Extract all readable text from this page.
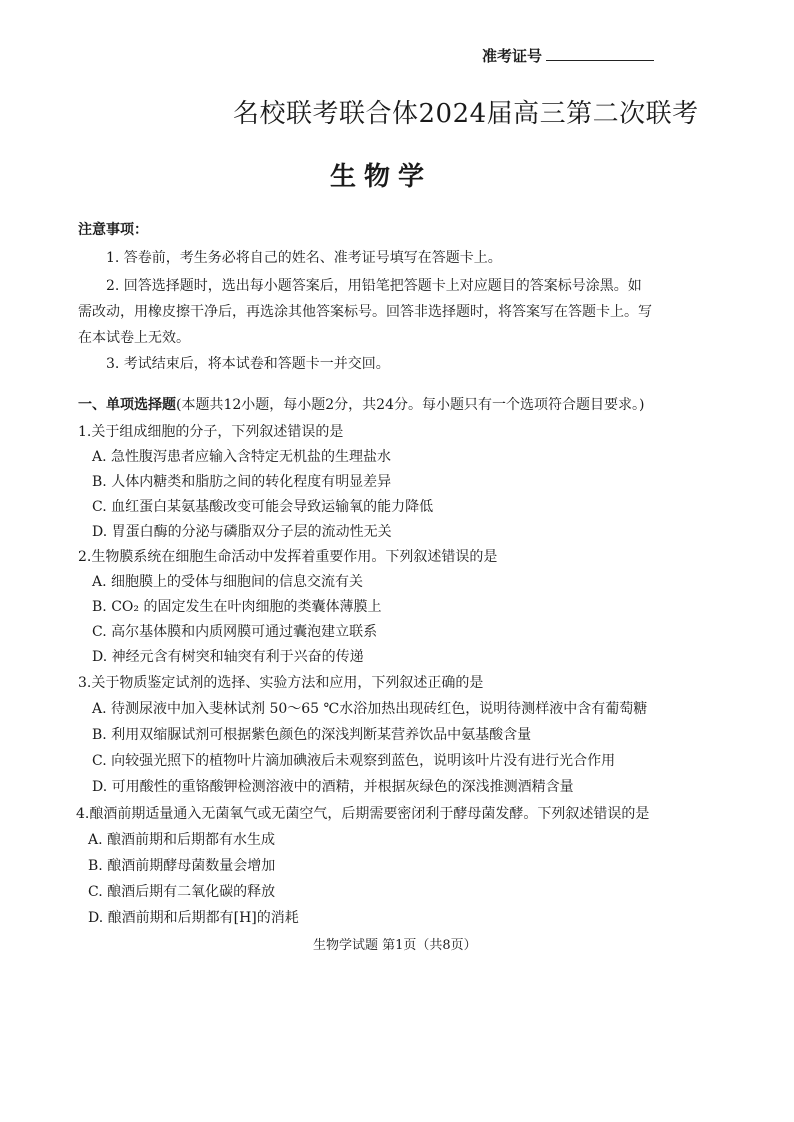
准考证号
名校联考联合体2024届高三第二次联考
生物学
注意事项：
1. 答卷前，考生务必将自己的姓名、准考证号填写在答题卡上。
2. 回答选择题时，选出每小题答案后，用铅笔把答题卡上对应题目的答案标号涂黑。如
需改动，用橡皮擦干净后，再选涂其他答案标号。回答非选择题时，将答案写在答题卡上。写
在本试卷上无效。
3. 考试结束后，将本试卷和答题卡一并交回。
一、单项选择题(本题共12小题，每小题2分，共24分。每小题只有一个选项符合题目要求。)
1.关于组成细胞的分子，下列叙述错误的是
A. 急性腹泻患者应输入含特定无机盐的生理盐水
B. 人体内糖类和脂肪之间的转化程度有明显差异
C. 血红蛋白某氨基酸改变可能会导致运输氧的能力降低
D. 胃蛋白酶的分泌与磷脂双分子层的流动性无关
2.生物膜系统在细胞生命活动中发挥着重要作用。下列叙述错误的是
A. 细胞膜上的受体与细胞间的信息交流有关
B. CO₂ 的固定发生在叶肉细胞的类囊体薄膜上
C. 高尔基体膜和内质网膜可通过囊泡建立联系
D. 神经元含有树突和轴突有利于兴奋的传递
3.关于物质鉴定试剂的选择、实验方法和应用，下列叙述正确的是
A. 待测尿液中加入斐林试剂 50～65 ℃水浴加热出现砖红色，说明待测样液中含有葡萄糖
B. 利用双缩脲试剂可根据紫色颜色的深浅判断某营养饮品中氨基酸含量
C. 向较强光照下的植物叶片滴加碘液后未观察到蓝色，说明该叶片没有进行光合作用
D. 可用酸性的重铬酸钾检测溶液中的酒精，并根据灰绿色的深浅推测酒精含量
4.酿酒前期适量通入无菌氧气或无菌空气，后期需要密闭利于酵母菌发酵。下列叙述错误的是
A. 酿酒前期和后期都有水生成
B. 酿酒前期酵母菌数量会增加
C. 酿酒后期有二氧化碳的释放
D. 酿酒前期和后期都有[H]的消耗
生物学试题 第1页（共8页）
